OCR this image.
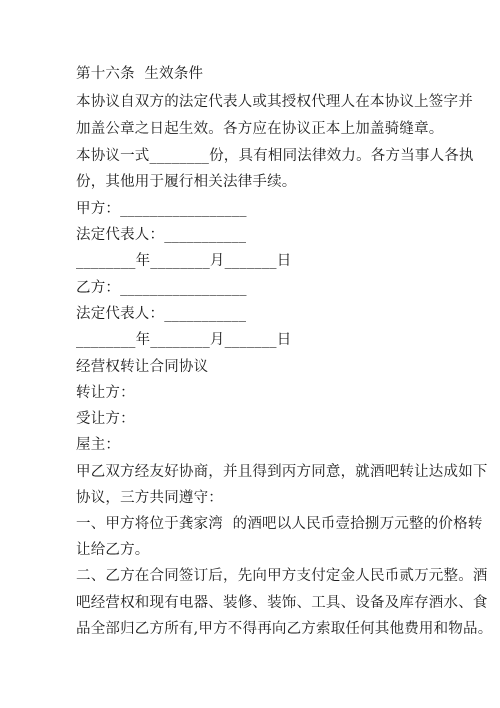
第十六条  生效条件
本协议自双方的法定代表人或其授权代理人在本协议上签字并
加盖公章之日起生效。各方应在协议正本上加盖骑缝章。
本协议一式________份，具有相同法律效力。各方当事人各执
份，其他用于履行相关法律手续。
甲方：_________________
法定代表人：___________
________年________月_______日
乙方：_________________
法定代表人：___________
________年________月_______日
经营权转让合同协议
转让方：
受让方：
屋主：
甲乙双方经友好协商，并且得到丙方同意，就酒吧转让达成如下
协议，三方共同遵守：
一、甲方将位于龚家湾  的酒吧以人民币壹拾捌万元整的价格转
让给乙方。
二、乙方在合同签订后，先向甲方支付定金人民币贰万元整。酒
吧经营权和现有电器、装修、装饰、工具、设备及库存酒水、食
品全部归乙方所有,甲方不得再向乙方索取任何其他费用和物品。
